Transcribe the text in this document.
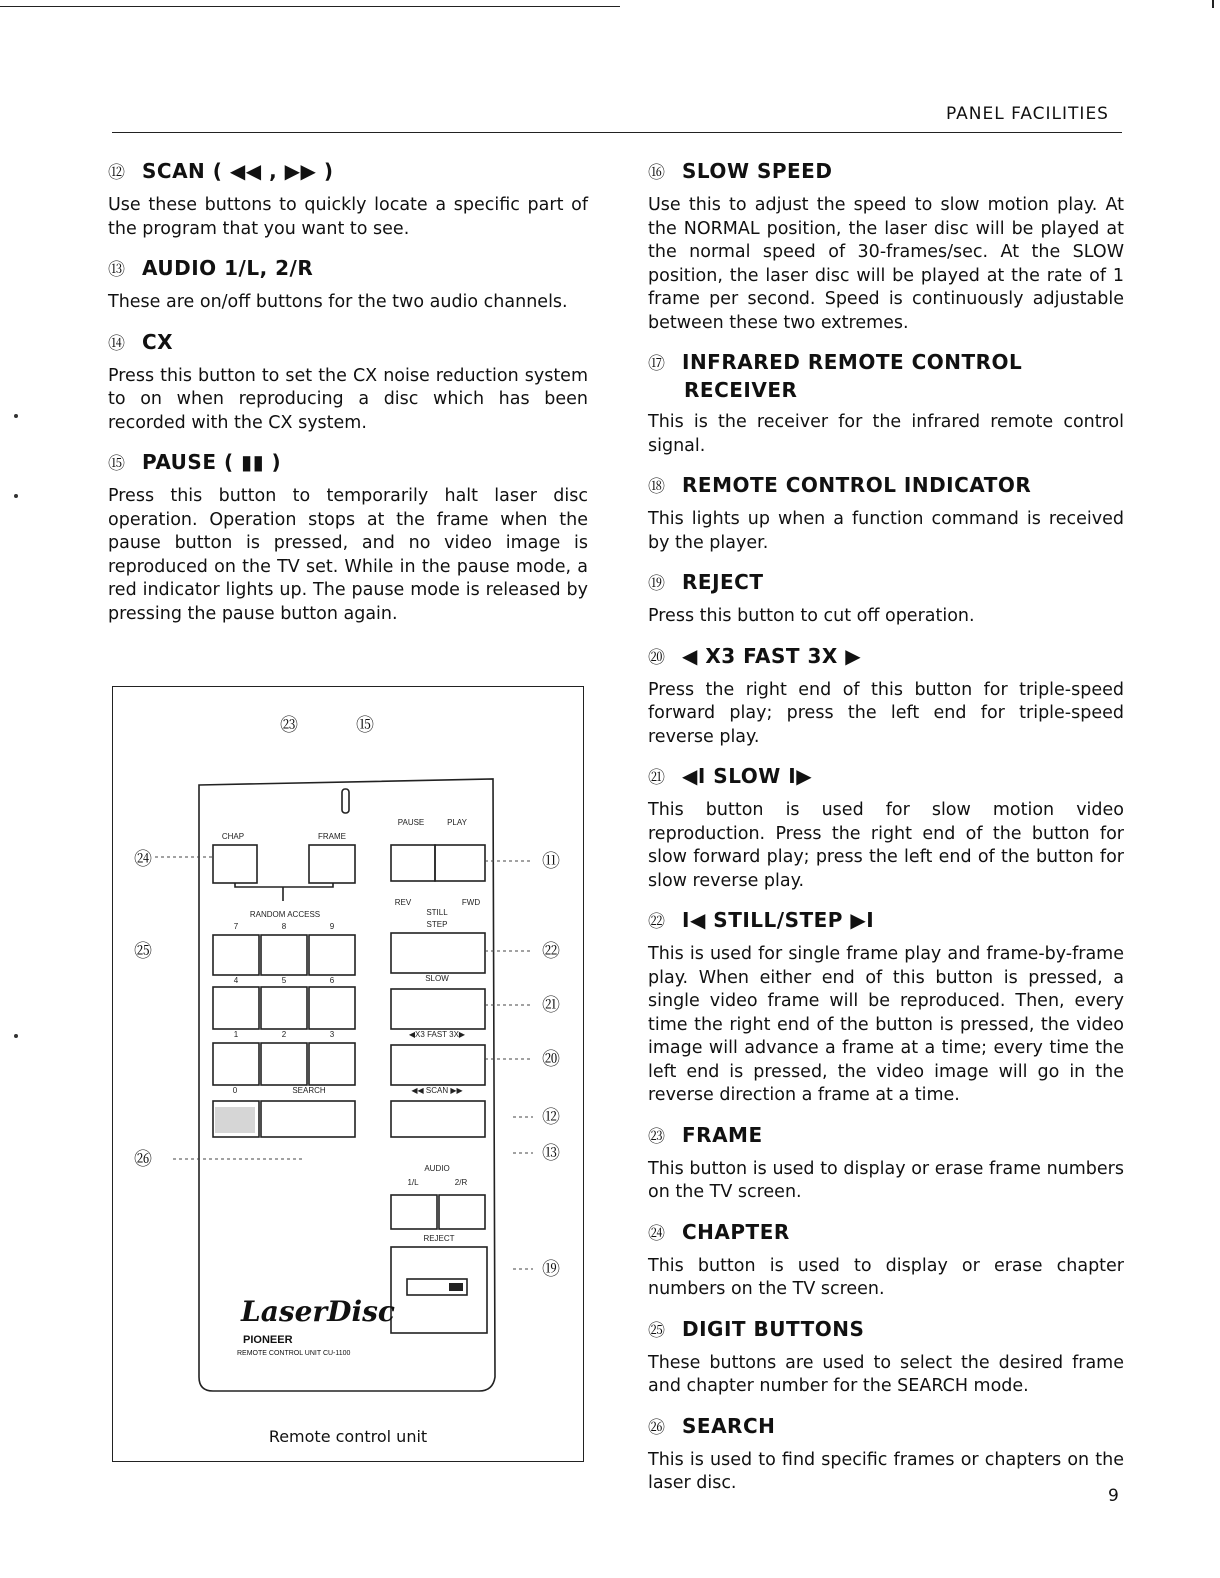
PANEL FACILITIES
⑫ SCAN ( ◀◀ , ▶▶ )

Use these buttons to quickly locate a specific part of the program that you want to see.

⑬ AUDIO 1/L, 2/R

These are on/off buttons for the two audio channels.

⑭ CX

Press this button to set the CX noise reduction system to on when reproducing a disc which has been recorded with the CX system.

⑮ PAUSE ( ▮▮ )

Press this button to temporarily halt laser disc operation. Operation stops at the frame when the pause button is pressed, and no video image is reproduced on the TV set. While in the pause mode, a red indicator lights up. The pause mode is released by pressing the pause button again.

㉓	⑮
㉔
㉕
㉖
⑪
㉒
㉑
⑳
⑫
⑬
⑲
CHAP	FRAME
PAUSE	PLAY
REV	FWD
STILL
STEP
RANDOM ACCESS
SLOW
◀X3 FAST 3X▶
◀◀ SCAN ▶▶
0	SEARCH
AUDIO
1/L	2/R
REJECT
7	8	9
4	5	6
1	2	3
LaserDisc
PIONEER
REMOTE CONTROL UNIT CU-1100
Remote control unit
⑯ SLOW SPEED

Use this to adjust the speed to slow motion play. At the NORMAL position, the laser disc will be played at the normal speed of 30-frames/sec. At the SLOW position, the laser disc will be played at the rate of 1 frame per second. Speed is continuously adjustable between these two extremes.

⑰ INFRARED REMOTE CONTROL
RECEIVER

This is the receiver for the infrared remote control signal.

⑱ REMOTE CONTROL INDICATOR

This lights up when a function command is received by the player.

⑲ REJECT

Press this button to cut off operation.

⑳ ◀ X3 FAST 3X ▶

Press the right end of this button for triple-speed forward play; press the left end for triple-speed reverse play.

㉑ ◀I SLOW I▶

This button is used for slow motion video reproduction. Press the right end of the button for slow forward play; press the left end of the button for slow reverse play.

㉒ I◀ STILL/STEP ▶I

This is used for single frame play and frame-by-frame play. When either end of this button is pressed, a single video frame will be reproduced. Then, every time the right end of the button is pressed, the video image will advance a frame at a time; every time the left end is pressed, the video image will go in the reverse direction a frame at a time.

㉓ FRAME

This button is used to display or erase frame numbers on the TV screen.

㉔ CHAPTER

This button is used to display or erase chapter numbers on the TV screen.

㉕ DIGIT BUTTONS

These buttons are used to select the desired frame and chapter number for the SEARCH mode.

㉖ SEARCH

This is used to find specific frames or chapters on the laser disc.

9
